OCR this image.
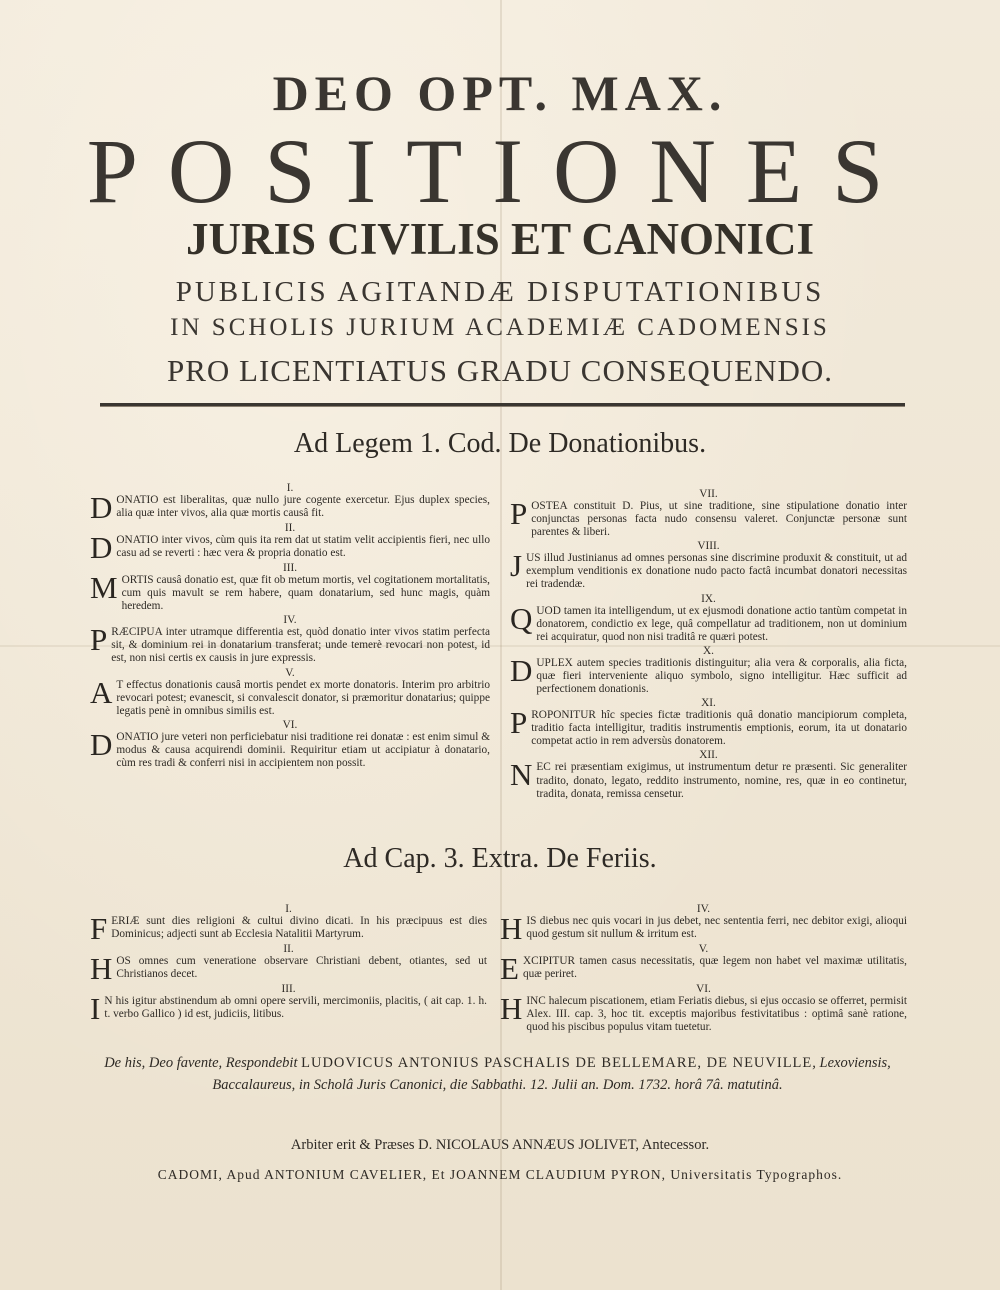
DEO OPT. MAX.
POSITIONES
JURIS CIVILIS ET CANONICI
PUBLICIS AGITANDÆ DISPUTATIONIBUS
IN SCHOLIS JURIUM ACADEMIÆ CADOMENSIS
PRO LICENTIATUS GRADU CONSEQUENDO.
Ad Legem 1. Cod. De Donationibus.
I.
D ONATIO est liberalitas, quæ nullo jure cogente exercetur. Ejus duplex species, alia quæ inter vivos, alia quæ mortis causâ fit.
II.
D ONATIO inter vivos, cùm quis ita rem dat ut statim velit accipientis fieri, nec ullo casu ad se reverti : hæc vera & propria donatio est.
III.
M ORTIS causâ donatio est, quæ fit ob metum mortis, vel cogitationem mortalitatis, cum quis mavult se rem habere, quam donatarium, sed hunc magis, quàm heredem.
IV.
P RÆCIPUA inter utramque differentia est, quòd donatio inter vivos statim perfecta sit, & dominium rei in donatarium transferat; unde temerè revocari non potest, id est, non nisi certis ex causis in jure expressis.
V.
A T effectus donationis causâ mortis pendet ex morte donatoris. Interim pro arbitrio revocari potest; evanescit, si convalescit donator, si præmoritur donatarius; quippe legatis penè in omnibus similis est.
VI.
D ONATIO jure veteri non perficiebatur nisi traditione rei donatæ : est enim simul & modus & causa acquirendi dominii. Requiritur etiam ut accipiatur à donatario, cùm res tradi & conferri nisi in accipientem non possit.
VII.
P OSTEA constituit D. Pius, ut sine traditione, sine stipulatione donatio inter conjunctas personas facta nudo consensu valeret. Conjunctæ personæ sunt parentes & liberi.
VIII.
J US illud Justinianus ad omnes personas sine discrimine produxit & constituit, ut ad exemplum venditionis ex donatione nudo pacto factâ incumbat donatori necessitas rei tradendæ.
IX.
Q UOD tamen ita intelligendum, ut ex ejusmodi donatione actio tantùm competat in donatorem, condictio ex lege, quâ compellatur ad traditionem, non ut dominium rei acquiratur, quod non nisi traditâ re quæri potest.
X.
D UPLEX autem species traditionis distinguitur; alia vera & corporalis, alia ficta, quæ fieri interveniente aliquo symbolo, signo intelligitur. Hæc sufficit ad perfectionem donationis.
XI.
P ROPONITUR hîc species fictæ traditionis quâ donatio mancipiorum completa, traditio facta intelligitur, traditis instrumentis emptionis, eorum, ita ut donatario competat actio in rem adversùs donatorem.
XII.
N EC rei præsentiam exigimus, ut instrumentum detur re præsenti. Sic generaliter tradito, donato, legato, reddito instrumento, nomine, res, quæ in eo continetur, tradita, donata, remissa censetur.
Ad Cap. 3. Extra. De Feriis.
I.
F ERIÆ sunt dies religioni & cultui divino dicati. In his præcipuus est dies Dominicus; adjecti sunt ab Ecclesia Natalitii Martyrum.
II.
H OS omnes cum veneratione observare Christiani debent, otiantes, sed ut Christianos decet.
III.
I N his igitur abstinendum ab omni opere servili, mercimoniis, placitis, ( ait cap. 1. h. t. verbo Gallico ) id est, judiciis, litibus.
IV.
H IS diebus nec quis vocari in jus debet, nec sententia ferri, nec debitor exigi, alioqui quod gestum sit nullum & irritum est.
V.
E XCIPITUR tamen casus necessitatis, quæ legem non habet vel maximæ utilitatis, quæ periret.
VI.
H INC halecum piscationem, etiam Feriatis diebus, si ejus occasio se offerret, permisit Alex. III. cap. 3, hoc tit. exceptis majoribus festivitatibus : optimâ sanè ratione, quod his piscibus populus vitam tuetetur.
De his, Deo favente, Respondebit LUDOVICUS ANTONIUS PASCHALIS DE BELLEMARE, DE NEUVILLE, Lexoviensis, Baccalaureus, in Scholâ Juris Canonici, die Sabbathi. 12. Julii an. Dom. 1732. horâ 7â. matutinâ.
Arbiter erit & Præses D. NICOLAUS ANNÆUS JOLIVET, Antecessor.
CADOMI, Apud ANTONIUM CAVELIER, Et JOANNEM CLAUDIUM PYRON, Universitatis Typographos.
